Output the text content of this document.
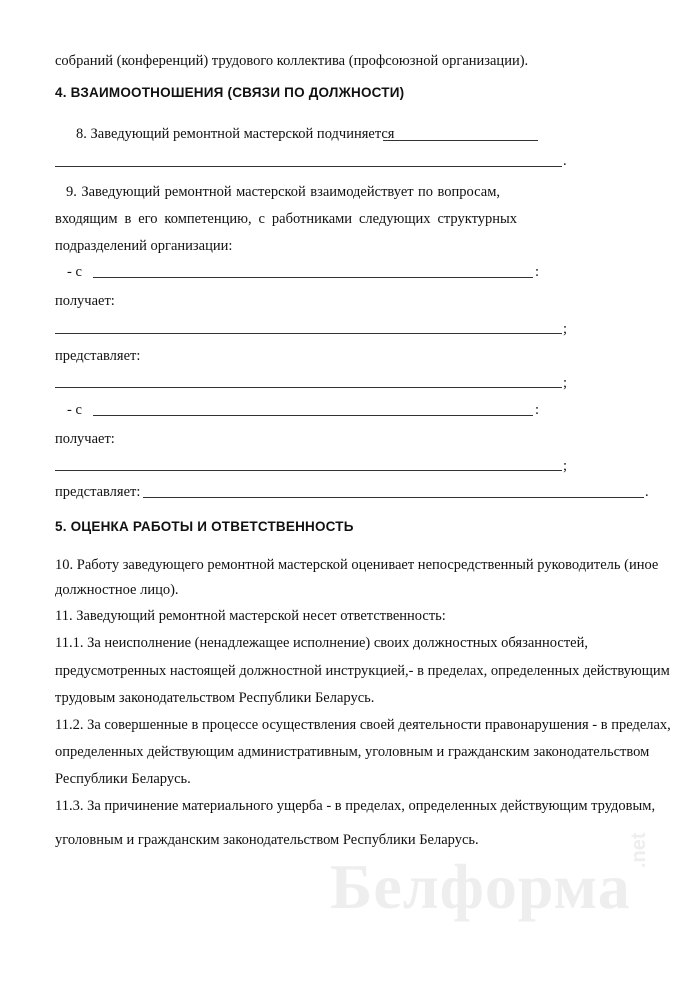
собраний (конференций) трудового коллектива (профсоюзной организации).
4. ВЗАИМООТНОШЕНИЯ (СВЯЗИ ПО ДОЛЖНОСТИ)
8. Заведующий ремонтной мастерской подчиняется
.
9. Заведующий ремонтной мастерской взаимодействует по вопросам,
входящим в его компетенцию, с работниками следующих структурных
подразделений организации:
- с	:
получает:
;
представляет:
;
- с	:
получает:
;
представляет:	.
5. ОЦЕНКА РАБОТЫ И ОТВЕТСТВЕННОСТЬ
10. Работу заведующего ремонтной мастерской оценивает непосредственный руководитель (иное
должностное лицо).
11. Заведующий ремонтной мастерской несет ответственность:
11.1. За неисполнение (ненадлежащее исполнение) своих должностных обязанностей,
предусмотренных настоящей должностной инструкцией,- в пределах, определенных действующим
трудовым законодательством Республики Беларусь.
11.2. За совершенные в процессе осуществления своей деятельности правонарушения - в пределах,
определенных действующим административным, уголовным и гражданским законодательством
Республики Беларусь.
11.3. За причинение материального ущерба - в пределах, определенных действующим трудовым,
уголовным и гражданским законодательством Республики Беларусь.
Белформа
.net
